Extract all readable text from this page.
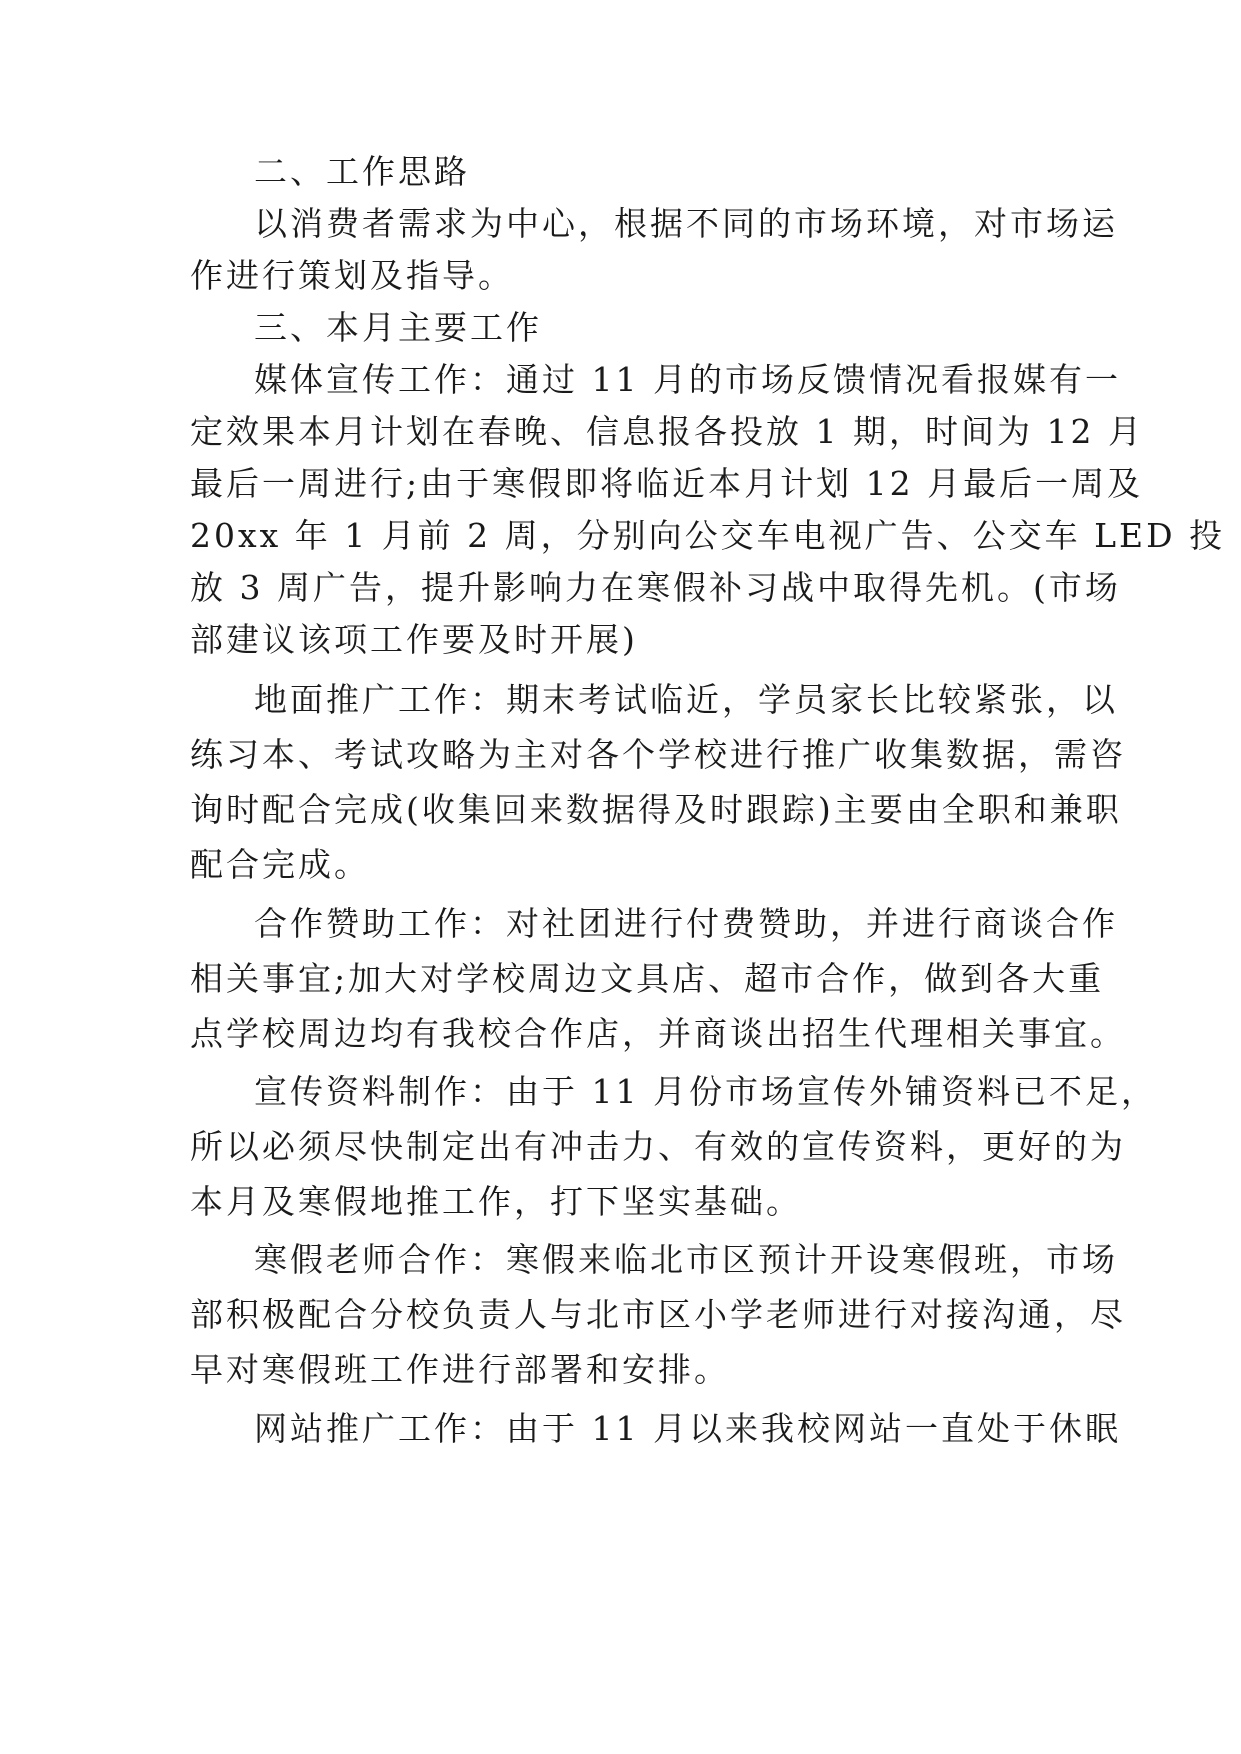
二、工作思路
以消费者需求为中心，根据不同的市场环境，对市场运
作进行策划及指导。
三、本月主要工作
媒体宣传工作：通过 11 月的市场反馈情况看报媒有一
定效果本月计划在春晚、信息报各投放 1 期，时间为 12 月
最后一周进行;由于寒假即将临近本月计划 12 月最后一周及
20xx 年 1 月前 2 周，分别向公交车电视广告、公交车 LED 投
放 3 周广告，提升影响力在寒假补习战中取得先机。(市场
部建议该项工作要及时开展)
地面推广工作：期末考试临近，学员家长比较紧张，以
练习本、考试攻略为主对各个学校进行推广收集数据，需咨
询时配合完成(收集回来数据得及时跟踪)主要由全职和兼职
配合完成。
合作赞助工作：对社团进行付费赞助，并进行商谈合作
相关事宜;加大对学校周边文具店、超市合作，做到各大重
点学校周边均有我校合作店，并商谈出招生代理相关事宜。
宣传资料制作：由于 11 月份市场宣传外铺资料已不足，
所以必须尽快制定出有冲击力、有效的宣传资料，更好的为
本月及寒假地推工作，打下坚实基础。
寒假老师合作：寒假来临北市区预计开设寒假班，市场
部积极配合分校负责人与北市区小学老师进行对接沟通，尽
早对寒假班工作进行部署和安排。
网站推广工作：由于 11 月以来我校网站一直处于休眠
